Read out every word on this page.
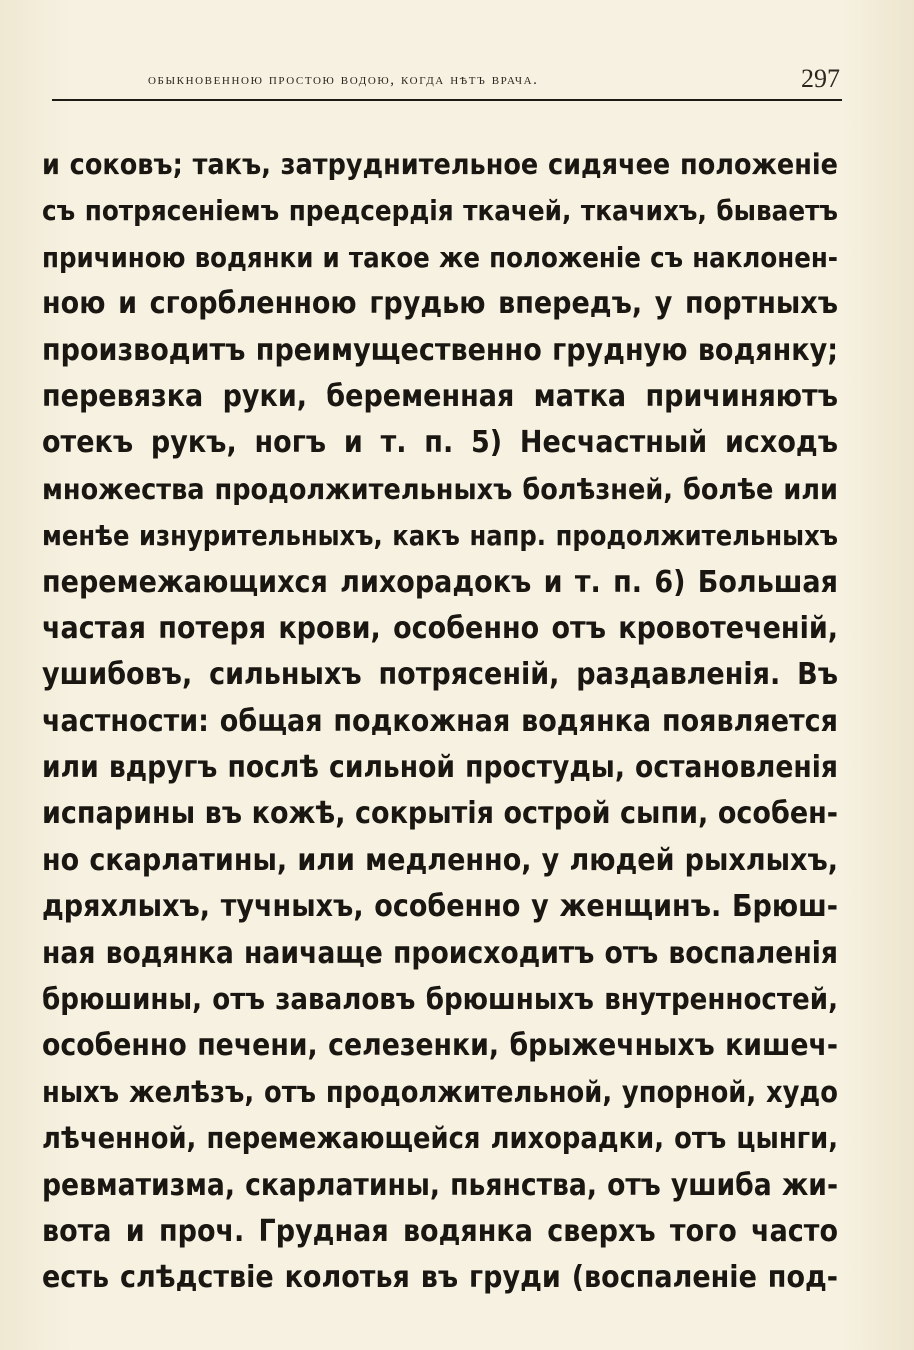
обыкновенною простою водою, когда нѣтъ врача.	297
и соковъ; такъ, затруднительное сидячее положеніе
съ потрясеніемъ предсердія ткачей, ткачихъ, бываетъ
причиною водянки и такое же положеніе съ наклонен-
ною и сгорбленною грудью впередъ, у портныхъ
производитъ преимущественно грудную водянку;
перевязка руки, беременная матка причиняютъ
отекъ рукъ, ногъ и т. п. 5) Несчастный исходъ
множества продолжительныхъ болѣзней, болѣе или
менѣе изнурительныхъ, какъ напр. продолжительныхъ
перемежающихся лихорадокъ и т. п. 6) Большая
частая потеря крови, особенно отъ кровотеченій,
ушибовъ, сильныхъ потрясеній, раздавленія. Въ
частности: общая подкожная водянка появляется
или вдругъ послѣ сильной простуды, остановленія
испарины въ кожѣ, сокрытія острой сыпи, особен-
но скарлатины, или медленно, у людей рыхлыхъ,
дряхлыхъ, тучныхъ, особенно у женщинъ. Брюш-
ная водянка наичаще происходитъ отъ воспаленія
брюшины, отъ заваловъ брюшныхъ внутренностей,
особенно печени, селезенки, брыжечныхъ кишеч-
ныхъ желѣзъ, отъ продолжительной, упорной, худо
лѣченной, перемежающейся лихорадки, отъ цынги,
ревматизма, скарлатины, пьянства, отъ ушиба жи-
вота и проч. Грудная водянка сверхъ того часто
есть слѣдствіе колотья въ груди (воспаленіе под-
